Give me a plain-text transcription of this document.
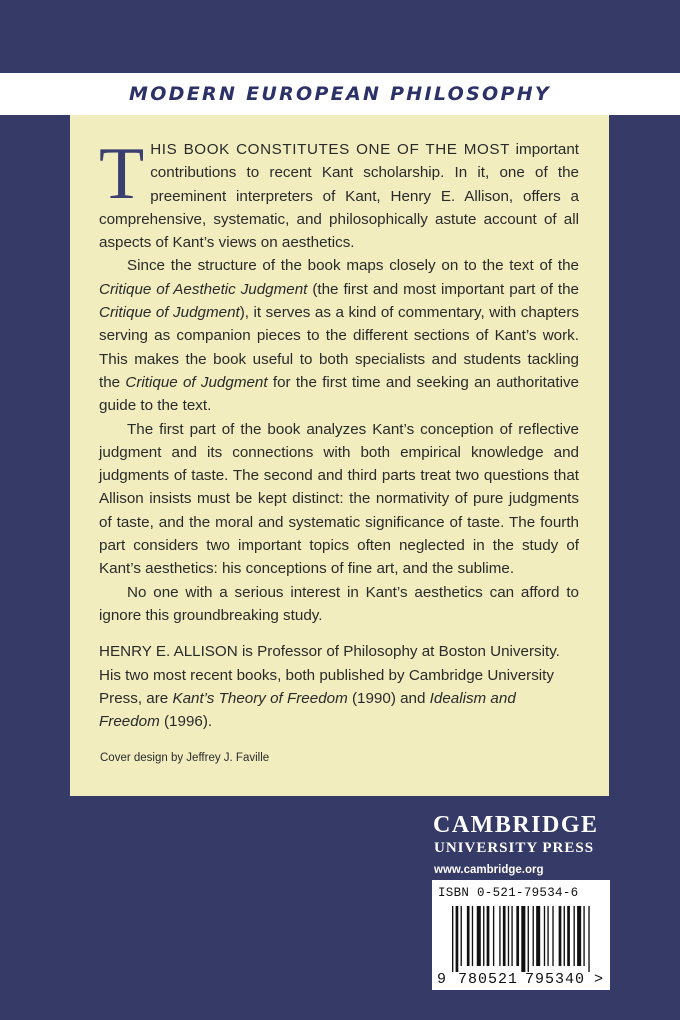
MODERN EUROPEAN PHILOSOPHY

THIS BOOK CONSTITUTES ONE OF THE MOST important contributions to recent Kant scholarship. In it, one of the preeminent interpreters of Kant, Henry E. Allison, offers a comprehensive, systematic, and philosophically astute account of all aspects of Kant’s views on aesthetics.

Since the structure of the book maps closely on to the text of the Critique of Aesthetic Judgment (the first and most important part of the Critique of Judgment), it serves as a kind of commentary, with chapters serving as companion pieces to the different sections of Kant’s work. This makes the book useful to both specialists and students tackling the Critique of Judgment for the first time and seeking an authoritative guide to the text.

The first part of the book analyzes Kant’s conception of reflective judgment and its connections with both empirical knowledge and judgments of taste. The second and third parts treat two questions that Allison insists must be kept distinct: the normativity of pure judgments of taste, and the moral and systematic significance of taste. The fourth part considers two important topics often neglected in the study of Kant’s aesthetics: his conceptions of fine art, and the sublime.

No one with a serious interest in Kant’s aesthetics can afford to ignore this groundbreaking study.

HENRY E. ALLISON is Professor of Philosophy at Boston University. His two most recent books, both published by Cambridge University Press, are Kant’s Theory of Freedom (1990) and Idealism and Freedom (1996).

Cover design by Jeffrey J. Faville
CAMBRIDGE
UNIVERSITY PRESS
www.cambridge.org
ISBN 0-521-79534-6
9 780521 795340 >
